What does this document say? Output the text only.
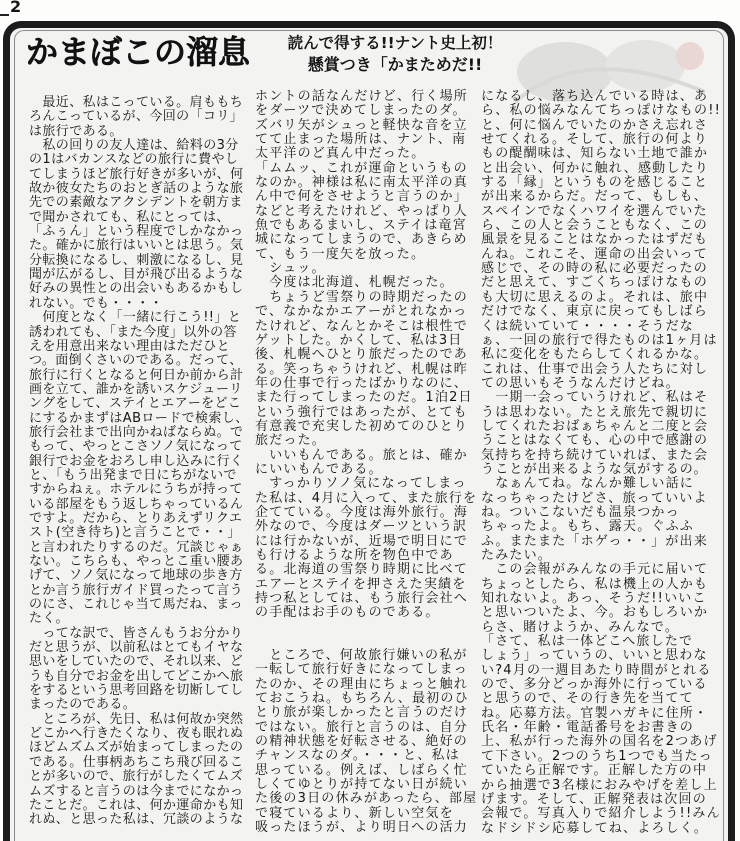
2
かまぼこの溜息	読んで得する!!ナント史上初！
懸賞つき「かまためだ!!

　最近、私はこっている。肩ももち
ろんこっているが、今回の「コリ」
は旅行である。

　私の回りの友人達は、給料の3分
の1はバカンスなどの旅行に費やし
てしまうほど旅行好きが多いが、何
故か彼女たちのおとぎ話のような旅
先での素敵なアクシデントを朝方ま
で聞かされても、私にとっては、
「ふぅん」という程度でしかなかっ
た。確かに旅行はいいとは思う。気
分転換になるし、刺激になるし、見
聞が広がるし、目が飛び出るような
好みの異性との出会いもあるかもし
れない。でも・・・・

　何度となく「一緒に行こう!!」と
誘われても、「また今度」以外の答
えを用意出来ない理由はただひと
つ。面倒くさいのである。だって、
旅行に行くとなると何日か前から計
画を立て、誰かを誘いスケジューリ
ングをして、ステイとエアーをどこ
にするかまずはABロードで検索し、
旅行会社まで出向かねばならぬ。で
もって、やっとこさソノ気になって
銀行でお金をおろし申し込みに行く
と、「もう出発まで日にちがないで
すからねぇ。ホテルにうちが持って
いる部屋をもう返しちゃっているん
ですよ。だから、とりあえずリクエ
スト(空き待ち)と言うことで・・」
と言われたりするのだ。冗談じゃぁ
ない。こちらも、やっとこ重い腰あ
げて、ソノ気になって地球の歩き方
とか言う旅行ガイド買ったって言う
のにさ、これじゃ当て馬だね、まっ
たく。

　ってな訳で、皆さんもうお分かり
だと思うが、以前私はとてもイヤな
思いをしていたので、それ以来、ど
うも自分でお金を出してどこかへ旅
をするという思考回路を切断してし
まったのである。

　ところが、先日、私は何故か突然
どこかへ行きたくなり、夜も眠れぬ
ほどムズムズが始まってしまったの
である。仕事柄あちこち飛び回るこ
とが多いので、旅行がしたくてムズ
ムズすると言うのは今までになかっ
たことだ。これは、何か運命かも知
れぬ、と思った私は、冗談のような

ホントの話なんだけど、行く場所
をダーツで決めてしまったのダ。
ズバリ矢がシュっと軽快な音を立
てて止まった場所は、ナント、南
太平洋のど真ん中だった。

「ムムッ、これが運命というもの
なのか。神様は私に南太平洋の真
ん中で何をさせようと言うのか」
などと考えたけれど、やっぱり人
魚でもあるまいし、ステイは竜宮
城になってしまうので、あきらめ
て、もう一度矢を放った。

　シュッ。

　今度は北海道、札幌だった。

　ちょうど雪祭りの時期だったの
で、なかなかエアーがとれなかっ
たけれど、なんとかそこは根性で
ゲットした。かくして、私は3日
後、札幌へひとり旅だったのであ
る。笑っちゃうけれど、札幌は昨
年の仕事で行ったばかりなのに、
また行ってしまったのだ。1泊2日
という強行ではあったが、とても
有意義で充実した初めてのひとり
旅だった。

　いいもんである。旅とは、確か
にいいもんである。

　すっかりソノ気になってしまっ
た私は、4月に入って、また旅行を
企てている。今度は海外旅行。海
外なので、今度はダーツという訳
には行かないが、近場で明日にで
も行けるような所を物色中であ
る。北海道の雪祭り時期に比べて
エアーとステイを押さえた実績を
持つ私としては、もう旅行会社へ
の手配はお手のものである。

　ところで、何故旅行嫌いの私が
一転して旅行好きになってしまっ
たのか、その理由にちょっと触れ
ておこうね。もちろん、最初のひ
とり旅が楽しかったと言うのだけ
ではない。旅行と言うのは、自分
の精神状態を好転させる、絶好の
チャンスなのダ。・・・と、私は
思っている。例えば、しばらく忙
しくてゆとりが持てない日が続い
た後の3日の休みがあったら、部屋
で寝ているより、新しい空気を
吸ったほうが、より明日への活力

になるし、落ち込んでいる時は、あ
ら、私の悩みなんてちっぽけなもの!!
と、何に悩んでいたのかさえ忘れさ
せてくれる。そして、旅行の何より
もの醍醐味は、知らない土地で誰か
と出会い、何かに触れ、感動したり
する「縁」というものを感じること
が出来るからだ。だって、もしも、
スペインでなくハワイを選んでいた
ら、この人と会うこともなく、この
風景を見ることはなかったはずだも
んね。これこそ、運命の出会いって
感じで、その時の私に必要だったの
だと思えて、すごくちっぽけなもの
も大切に思えるのよ。それは、旅中
だけでなく、東京に戻ってもしばら
くは続いていて・・・・そうだな
ぁ、一回の旅行で得たものは1ヶ月は
私に変化をもたらしてくれるかな。
これは、仕事で出会う人たちに対し
ての思いもそうなんだけどね。

　一期一会っていうけれど、私はそ
うは思わない。たとえ旅先で親切に
してくれたおばぁちゃんと二度と会
うことはなくても、心の中で感謝の
気持ちを持ち続けていれば、また会
うことが出来るような気がするの。

　なぁんてね。なんか難しい話に
なっちゃったけどさ、旅っていいよ
ね。ついこないだも温泉つかっ
ちゃったよ。もち、露天。ぐふふ
ふ。またまた「ホゲっ・・」が出来
たみたい。

　この会報がみんなの手元に届いて
ちょっとしたら、私は機上の人かも
知れないよ。あっ、そうだ!!いいこ
と思いついたよ、今。おもしろいか
らさ、賭けようか、みんなで。

「さて、私は一体どこへ旅したで
しょう」っていうの、いいと思わな
い?4月の一週目あたり時間がとれる
ので、多分どっか海外に行っている
と思うので、その行き先を当てて
ね。応募方法。官製ハガキに住所・
氏名・年齢・電話番号をお書きの
上、私が行った海外の国名を2つあげ
て下さい。2つのうち1つでも当たっ
ていたら正解です。正解した方の中
から抽選で3名様におみやげを差し上
げます。そして、正解発表は次回の
会報で。写真入りで紹介しよう!!みん
なドシドシ応募してね、よろしく。
